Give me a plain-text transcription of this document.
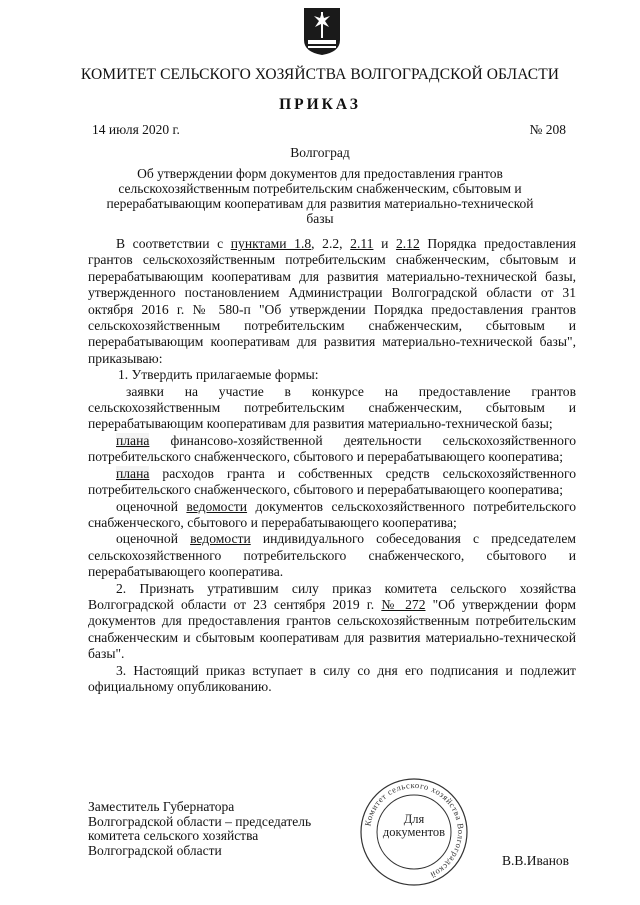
КОМИТЕТ СЕЛЬСКОГО ХОЗЯЙСТВА ВОЛГОГРАДСКОЙ ОБЛАСТИ
ПРИКАЗ
14 июля 2020 г.	№ 208
Волгоград
Об утверждении форм документов для предоставления грантов сельскохозяйственным потребительским снабженческим, сбытовым и перерабатывающим кооперативам для развития материально-технической базы

В соответствии с пунктами 1.8, 2.2, 2.11 и 2.12 Порядка предоставления грантов сельскохозяйственным потребительским снабженческим, сбытовым и перерабатывающим кооперативам для развития материально-технической базы, утвержденного постановлением Администрации Волгоградской области от 31 октября 2016 г. № 580-п "Об утверждении Порядка предоставления грантов сельскохозяйственным потребительским снабженческим, сбытовым и перерабатывающим кооперативам для развития материально-технической базы", приказываю:

1. Утвердить прилагаемые формы:

заявки на участие в конкурсе на предоставление грантов сельскохозяйственным потребительским снабженческим, сбытовым и перерабатывающим кооперативам для развития материально-технической базы;

плана финансово-хозяйственной деятельности сельскохозяйственного потребительского снабженческого, сбытового и перерабатывающего кооператива;

плана расходов гранта и собственных средств сельскохозяйственного потребительского снабженческого, сбытового и перерабатывающего кооператива;

оценочной ведомости документов сельскохозяйственного потребительского снабженческого, сбытового и перерабатывающего кооператива;

оценочной ведомости индивидуального собеседования с председателем сельскохозяйственного потребительского снабженческого, сбытового и перерабатывающего кооператива.

2. Признать утратившим силу приказ комитета сельского хозяйства Волгоградской области от 23 сентября 2019 г. № 272 "Об утверждении форм документов для предоставления грантов сельскохозяйственным потребительским снабженческим и сбытовым кооперативам для развития материально-технической базы".

3. Настоящий приказ вступает в силу со дня его подписания и подлежит официальному опубликованию.

Заместитель Губернатора
Волгоградской области – председатель
комитета сельского хозяйства
Волгоградской области
Комитет сельского хозяйства Волгоградской
Для
документов
В.В.Иванов
